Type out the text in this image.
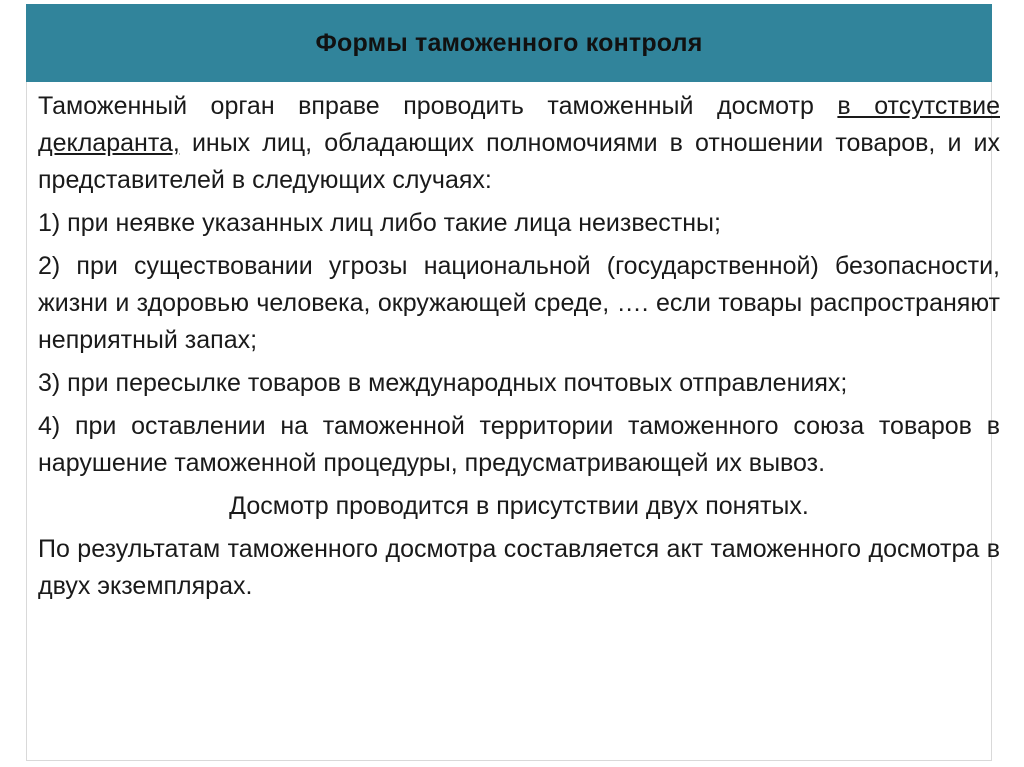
Формы таможенного контроля

Таможенный орган вправе проводить таможенный досмотр в отсутствие декларанта, иных лиц, обладающих полномочиями в отношении товаров, и их представителей в следующих случаях:

1) при неявке указанных лиц либо такие лица неизвестны;

2) при существовании угрозы национальной (государственной) безопасности, жизни и здоровью человека, окружающей среде, …. если товары распространяют неприятный запах;

3) при пересылке товаров в международных почтовых отправлениях;

4) при оставлении на таможенной территории таможенного союза товаров в нарушение таможенной процедуры, предусматривающей их вывоз.

Досмотр проводится в присутствии двух понятых.

По результатам таможенного досмотра составляется акт таможенного досмотра в двух экземплярах.
